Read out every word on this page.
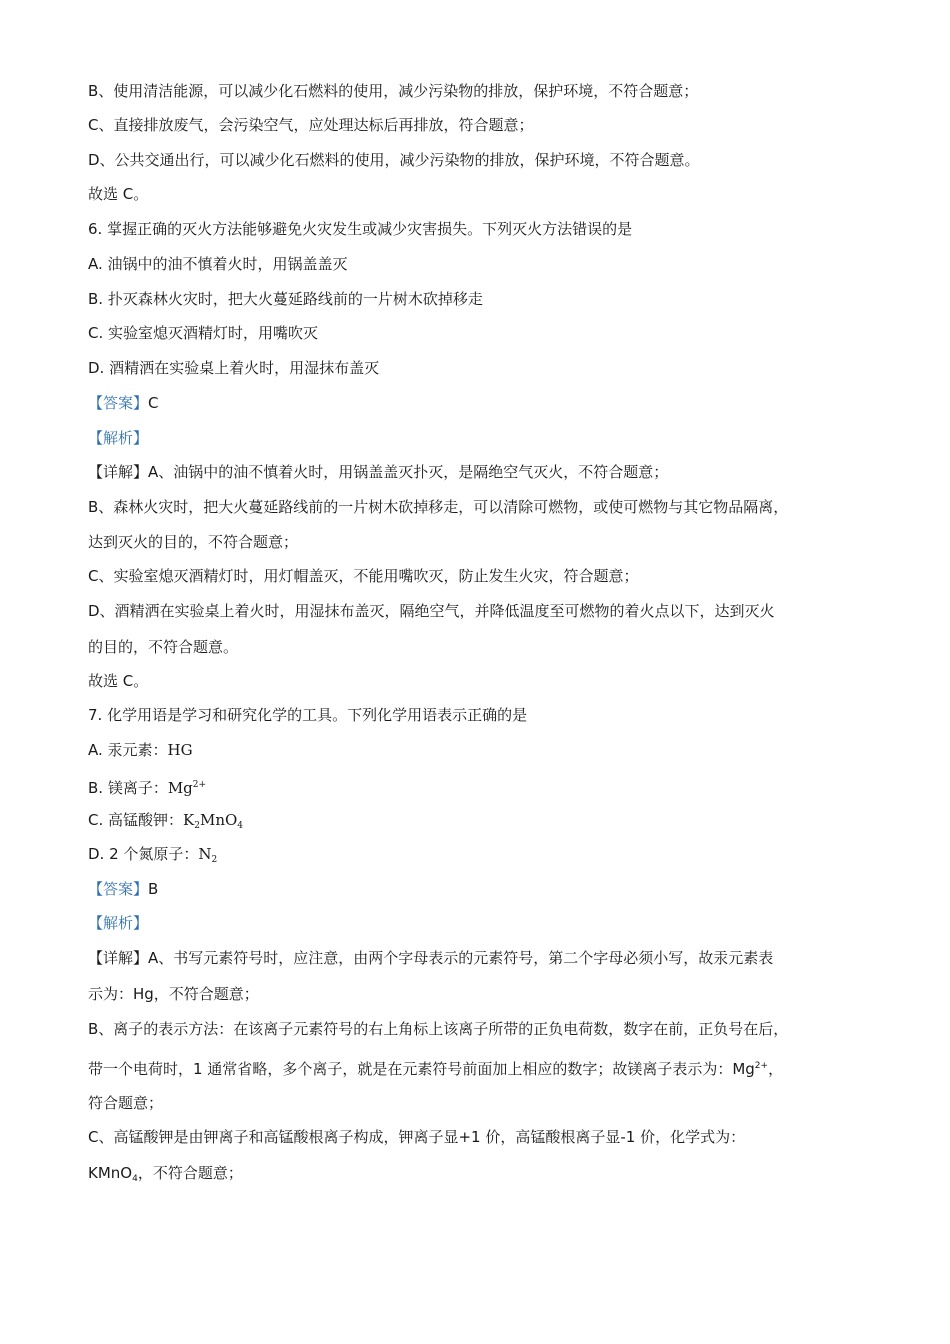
B、使用清洁能源，可以减少化石燃料的使用，减少污染物的排放，保护环境，不符合题意；
C、直接排放废气，会污染空气，应处理达标后再排放，符合题意；
D、公共交通出行，可以减少化石燃料的使用，减少污染物的排放，保护环境，不符合题意。
故选 C。
6. 掌握正确的灭火方法能够避免火灾发生或减少灾害损失。下列灭火方法错误的是
A. 油锅中的油不慎着火时，用锅盖盖灭
B. 扑灭森林火灾时，把大火蔓延路线前的一片树木砍掉移走
C. 实验室熄灭酒精灯时，用嘴吹灭
D. 酒精洒在实验桌上着火时，用湿抹布盖灭
【答案】C
【解析】
【详解】A、油锅中的油不慎着火时，用锅盖盖灭扑灭，是隔绝空气灭火，不符合题意；
B、森林火灾时，把大火蔓延路线前的一片树木砍掉移走，可以清除可燃物，或使可燃物与其它物品隔离，
达到灭火的目的，不符合题意；
C、实验室熄灭酒精灯时，用灯帽盖灭，不能用嘴吹灭，防止发生火灾，符合题意；
D、酒精洒在实验桌上着火时，用湿抹布盖灭，隔绝空气，并降低温度至可燃物的着火点以下，达到灭火
的目的，不符合题意。
故选 C。
7. 化学用语是学习和研究化学的工具。下列化学用语表示正确的是
A. 汞元素：HG
B. 镁离子：$Mg^{2+}$
C. 高锰酸钾：$K_2MnO_4$
D. 2 个氮原子：$N_2$
【答案】B
【解析】
【详解】A、书写元素符号时，应注意，由两个字母表示的元素符号，第二个字母必须小写，故汞元素表
示为：Hg，不符合题意；
B、离子的表示方法：在该离子元素符号的右上角标上该离子所带的正负电荷数，数字在前，正负号在后，
带一个电荷时，1 通常省略，多个离子，就是在元素符号前面加上相应的数字；故镁离子表示为：$Mg^{2+}$，
符合题意；
C、高锰酸钾是由钾离子和高锰酸根离子构成，钾离子显+1 价，高锰酸根离子显-1 价，化学式为：
KMnO$_4$，不符合题意；
